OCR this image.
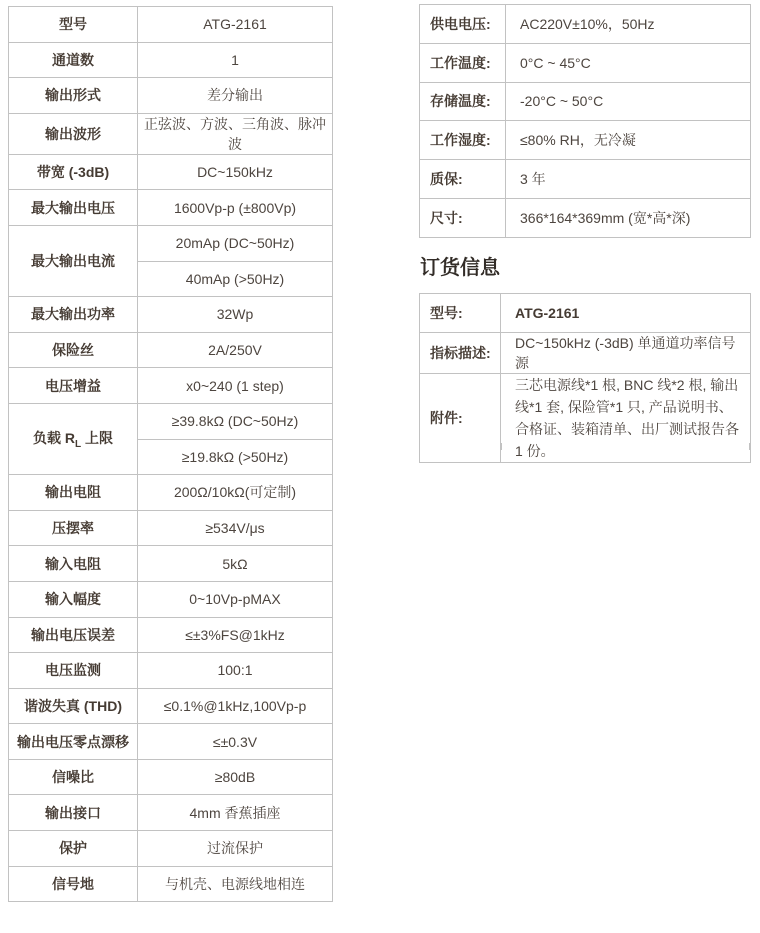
型号	ATG-2161
通道数	1
输出形式	差分输出
输出波形	正弦波、方波、三角波、脉冲波
带宽 (-3dB)	DC~150kHz
最大输出电压	1600Vp-p (±800Vp)
最大输出电流	20mAp (DC~50Hz)
	40mAp (>50Hz)
最大输出功率	32Wp
保险丝	2A/250V
电压增益	x0~240 (1 step)
负载 $R_L$ 上限	≥39.8kΩ (DC~50Hz)
	≥19.8kΩ (>50Hz)
输出电阻	200Ω/10kΩ(可定制)
压摆率	≥534V/μs
输入电阻	5kΩ
输入幅度	0~10Vp-pMAX
输出电压误差	≤±3%FS@1kHz
电压监测	100:1
谐波失真 (THD)	≤0.1%@1kHz,100Vp-p
输出电压零点漂移	≤±0.3V
信噪比	≥80dB
输出接口	4mm 香蕉插座
保护	过流保护
信号地	与机壳、电源线地相连
供电电压:	AC220V±10%，50Hz
工作温度:	0°C ~ 45°C
存储温度:	-20°C ~ 50°C
工作湿度:	≤80% RH，无冷凝
质保:	3 年
尺寸:	366*164*369mm (宽*高*深)
订货信息
型号:	ATG-2161
指标描述:	DC~150kHz (-3dB) 单通道功率信号源
附件:	三芯电源线*1 根, BNC 线*2 根, 输出线*1 套, 保险管*1 只, 产品说明书、合格证、装箱清单、出厂测试报告各 1 份。
